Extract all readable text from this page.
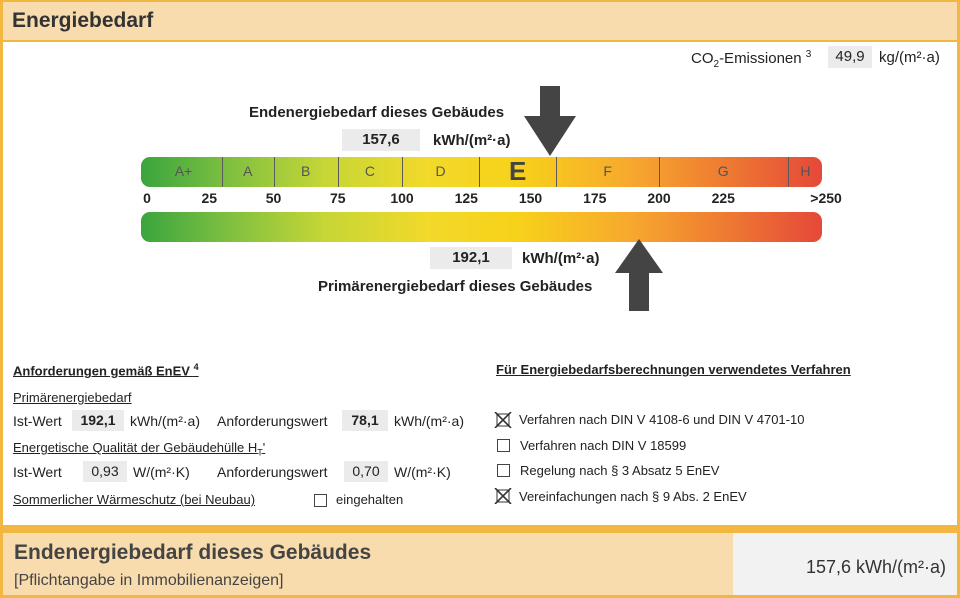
Energiebedarf
$CO_2$-Emissionen $^3$	49,9 kg/(m²·a)
Endenergiebedarf dieses Gebäudes
157,6	kWh/(m²·a)
A+	A	B	C	D	E	F	G	H
0	25	50	75	100	125	150	175	200	225	>250
192,1	kWh/(m²·a)
Primärenergiebedarf dieses Gebäudes
Anforderungen gemäß EnEV $^4$
Primärenergiebedarf
Ist-Wert	192,1	kWh/(m²·a) Anforderungswert	78,1	kWh/(m²·a)
Energetische Qualität der Gebäudehülle $H_T'$
Ist-Wert	0,93	W/(m²·K) Anforderungswert	0,70	W/(m²·K)
Sommerlicher Wärmeschutz (bei Neubau)	eingehalten
Für Energiebedarfsberechnungen verwendetes Verfahren
Verfahren nach DIN V 4108-6 und DIN V 4701-10
Verfahren nach DIN V 18599
Regelung nach § 3 Absatz 5 EnEV
Vereinfachungen nach § 9 Abs. 2 EnEV
Endenergiebedarf dieses Gebäudes
[Pflichtangabe in Immobilienanzeigen]
157,6 kWh/(m²·a)
